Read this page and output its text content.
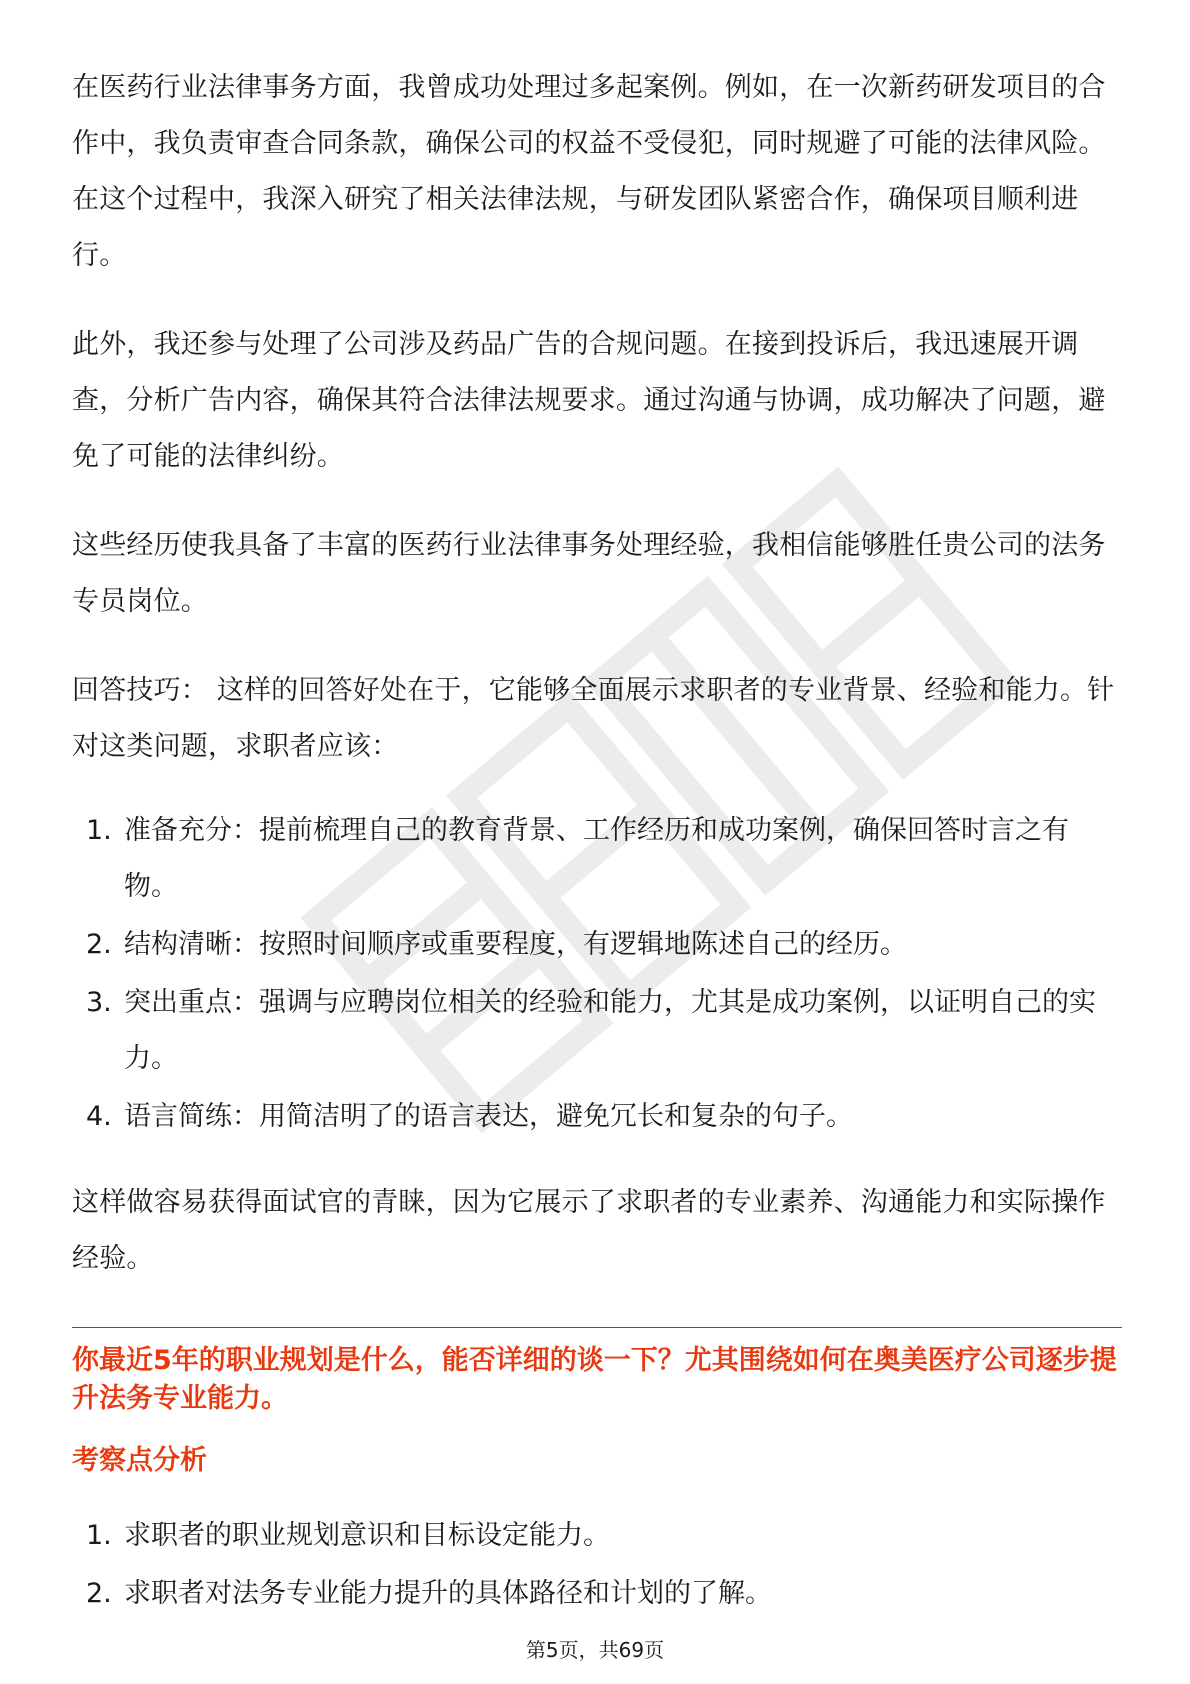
在医药行业法律事务方面，我曾成功处理过多起案例。例如，在一次新药研发项目的合作中，我负责审查合同条款，确保公司的权益不受侵犯，同时规避了可能的法律风险。在这个过程中，我深入研究了相关法律法规，与研发团队紧密合作，确保项目顺利进行。

此外，我还参与处理了公司涉及药品广告的合规问题。在接到投诉后，我迅速展开调查，分析广告内容，确保其符合法律法规要求。通过沟通与协调，成功解决了问题，避免了可能的法律纠纷。

这些经历使我具备了丰富的医药行业法律事务处理经验，我相信能够胜任贵公司的法务专员岗位。

回答技巧： 这样的回答好处在于，它能够全面展示求职者的专业背景、经验和能力。针对这类问题，求职者应该：

1. 准备充分：提前梳理自己的教育背景、工作经历和成功案例，确保回答时言之有物。
2. 结构清晰：按照时间顺序或重要程度，有逻辑地陈述自己的经历。
3. 突出重点：强调与应聘岗位相关的经验和能力，尤其是成功案例，以证明自己的实力。
4. 语言简练：用简洁明了的语言表达，避免冗长和复杂的句子。

这样做容易获得面试官的青睐，因为它展示了求职者的专业素养、沟通能力和实际操作经验。

你最近5年的职业规划是什么，能否详细的谈一下？尤其围绕如何在奥美医疗公司逐步提升法务专业能力。

考察点分析

1. 求职者的职业规划意识和目标设定能力。
2. 求职者对法务专业能力提升的具体路径和计划的了解。
第5页，共69页
